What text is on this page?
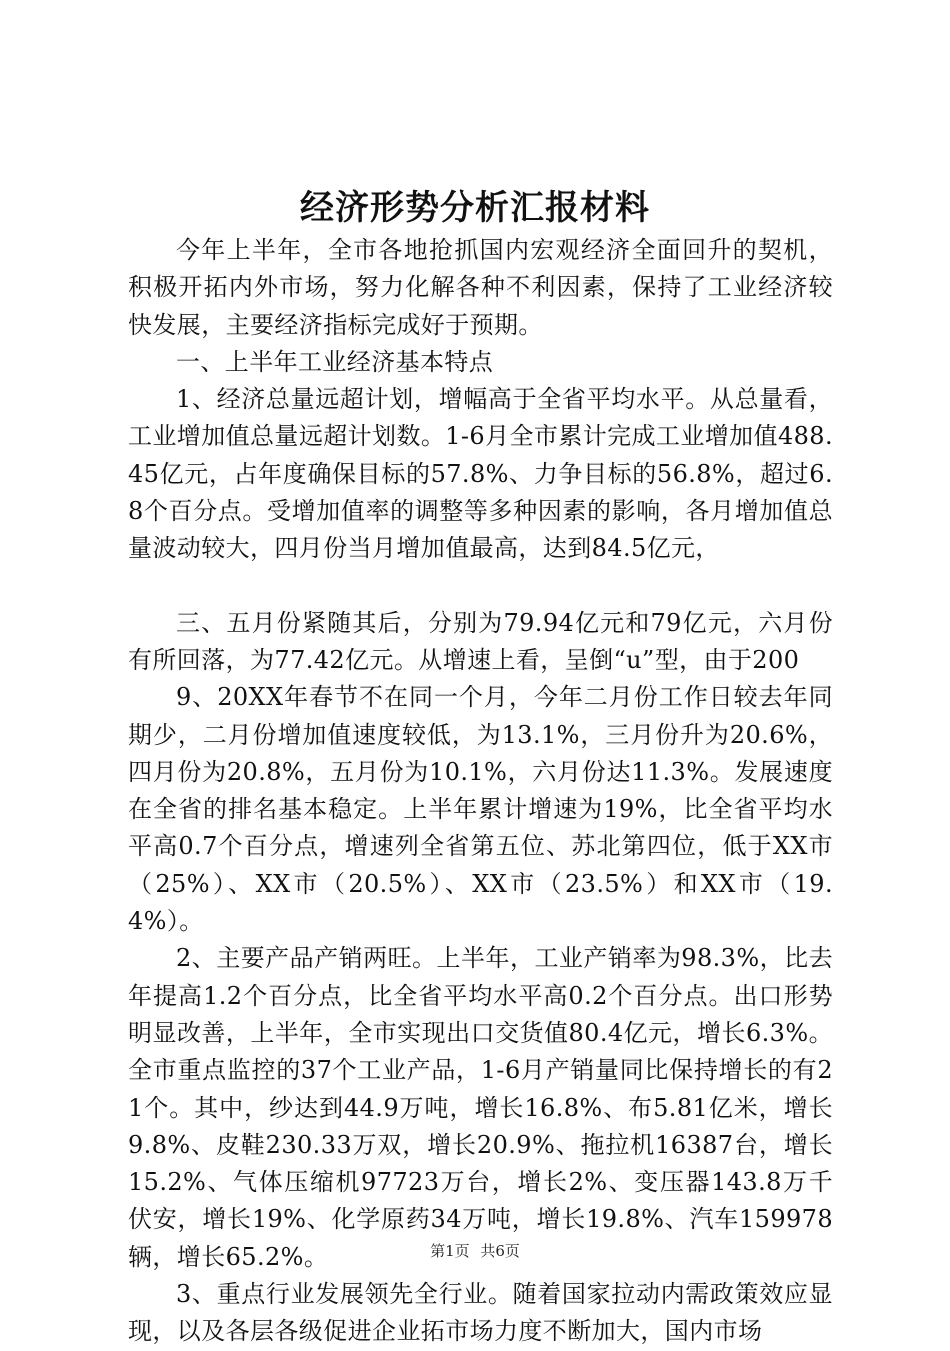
经济形势分析汇报材料

今年上半年，全市各地抢抓国内宏观经济全面回升的契机，积极开拓内外市场，努力化解各种不利因素，保持了工业经济较快发展，主要经济指标完成好于预期。

一、上半年工业经济基本特点

1、经济总量远超计划，增幅高于全省平均水平。从总量看，工业增加值总量远超计划数。1-6月全市累计完成工业增加值488.45亿元，占年度确保目标的57.8%、力争目标的56.8%，超过6.8个百分点。受增加值率的调整等多种因素的影响，各月增加值总量波动较大，四月份当月增加值最高，达到84.5亿元，

三、五月份紧随其后，分别为79.94亿元和79亿元，六月份有所回落，为77.42亿元。从增速上看，呈倒“u”型，由于200

9、20XX年春节不在同一个月，今年二月份工作日较去年同期少，二月份增加值速度较低，为13.1%，三月份升为20.6%，四月份为20.8%，五月份为10.1%，六月份达11.3%。发展速度在全省的排名基本稳定。上半年累计增速为19%，比全省平均水平高0.7个百分点，增速列全省第五位、苏北第四位，低于XX市（25%）、XX市（20.5%）、XX市（23.5%）和XX市（19.4%）。

2、主要产品产销两旺。上半年，工业产销率为98.3%，比去年提高1.2个百分点，比全省平均水平高0.2个百分点。出口形势明显改善，上半年，全市实现出口交货值80.4亿元，增长6.3%。全市重点监控的37个工业产品，1-6月产销量同比保持增长的有21个。其中，纱达到44.9万吨，增长16.8%、布5.81亿米，增长9.8%、皮鞋230.33万双，增长20.9%、拖拉机16387台，增长15.2%、气体压缩机97723万台，增长2%、变压器143.8万千伏安，增长19%、化学原药34万吨，增长19.8%、汽车159978辆，增长65.2%。

3、重点行业发展领先全行业。随着国家拉动内需政策效应显现，以及各层各级促进企业拓市场力度不断加大，国内市场

第1页 共6页
